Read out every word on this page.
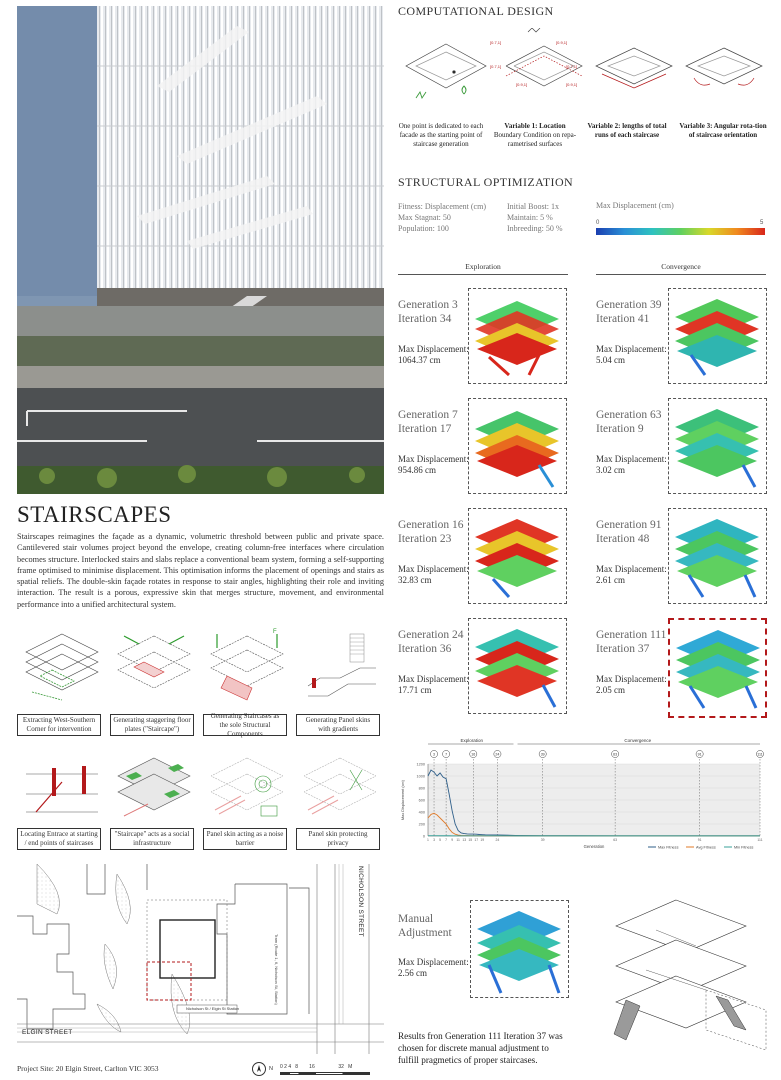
STAIRSCAPES
Stairscapes reimagines the façade as a dynamic, volumetric threshold between public and private space. Cantilevered stair volumes project beyond the envelope, creating column-free interfaces where circulation becomes structure. Interlocked stairs and slabs replace a conventional beam system, forming a self-supporting frame optimised to minimise displacement. This optimisation informs the placement of openings and stairs as spatial reliefs. The double-skin façade rotates in response to stair angles, highlighting their role and inviting interaction. The result is a porous, expressive skin that merges structure, movement, and environmental performance into a unified architectural system.
F
Extracting West-Southern Corner for intervention
Generating staggering floor plates ("Staircape")
Generating Staircases as the sole Structural Components
Generating Panel skins with gradients
Locating Entrace at starting / end points of staircases
"Staircape" acts as a social infrastructure
Panel skin acting as a noise barrier
Panel skin protecting privacy
Nicholson St / Elgin St Station
Tram (Route 1, 6, Nicholson St, Station)
ELGIN STREET
NICHOLSON STREET
Project Site: 20 Elgin Street, Carlton VIC 3053	N 0 2 4   8        16                 32   M
COMPUTATIONAL DESIGN
[0.7,1]	[0.9,1]
[0.7,1]	[0.7,1]
[0.9,1]	[0.9,1]
One point is dedicated to each facade as the starting point of staircase generation
Variable 1: Location
Boundary Condition on repa-rametrised surfaces
Variable 2: lengths of total runs of each staircase
Variable 3: Angular rota-tion of staircase orientation
STRUCTURAL OPTIMIZATION
Fitness: Displacement (cm)
Max Stagnat: 50
Population: 100
Initial Boost: 1x
Maintain: 5 %
Inbreeding: 50 %
Max Displacement (cm)
0	5
Exploration	Convergence
Generation 3
Iteration 34
Max Displacement:
1064.37 cm
Generation 7
Iteration 17
Max Displacement:
954.86 cm
Generation 16
Iteration 23
Max Displacement:
32.83 cm
Generation 24
Iteration 36
Max Displacement:
17.71 cm
Generation 39
Iteration 41
Max Displacement:
5.04 cm
Generation 63
Iteration 9
Max Displacement:
3.02 cm
Generation 91
Iteration 48
Max Displacement:
2.61 cm
Generation 111
Iteration 37
Max Displacement:
2.05 cm
Exploration	Convergence
0
200
400
600
800
1000
1200
3	7	16	24	39	63	91	111
Generation
Max Displacement (cm)
Max Fitness	Avg Fitness	Min Fitness
1 3 5 7 9 11 13 15 17 19	24	39	63	91	111
Manual
Adjustment
Max Displacement:
2.56 cm
Results fron Generation 111 Iteration 37 was chosen for discrete manual adjustment to fulfill pragmetics of proper staircases.
